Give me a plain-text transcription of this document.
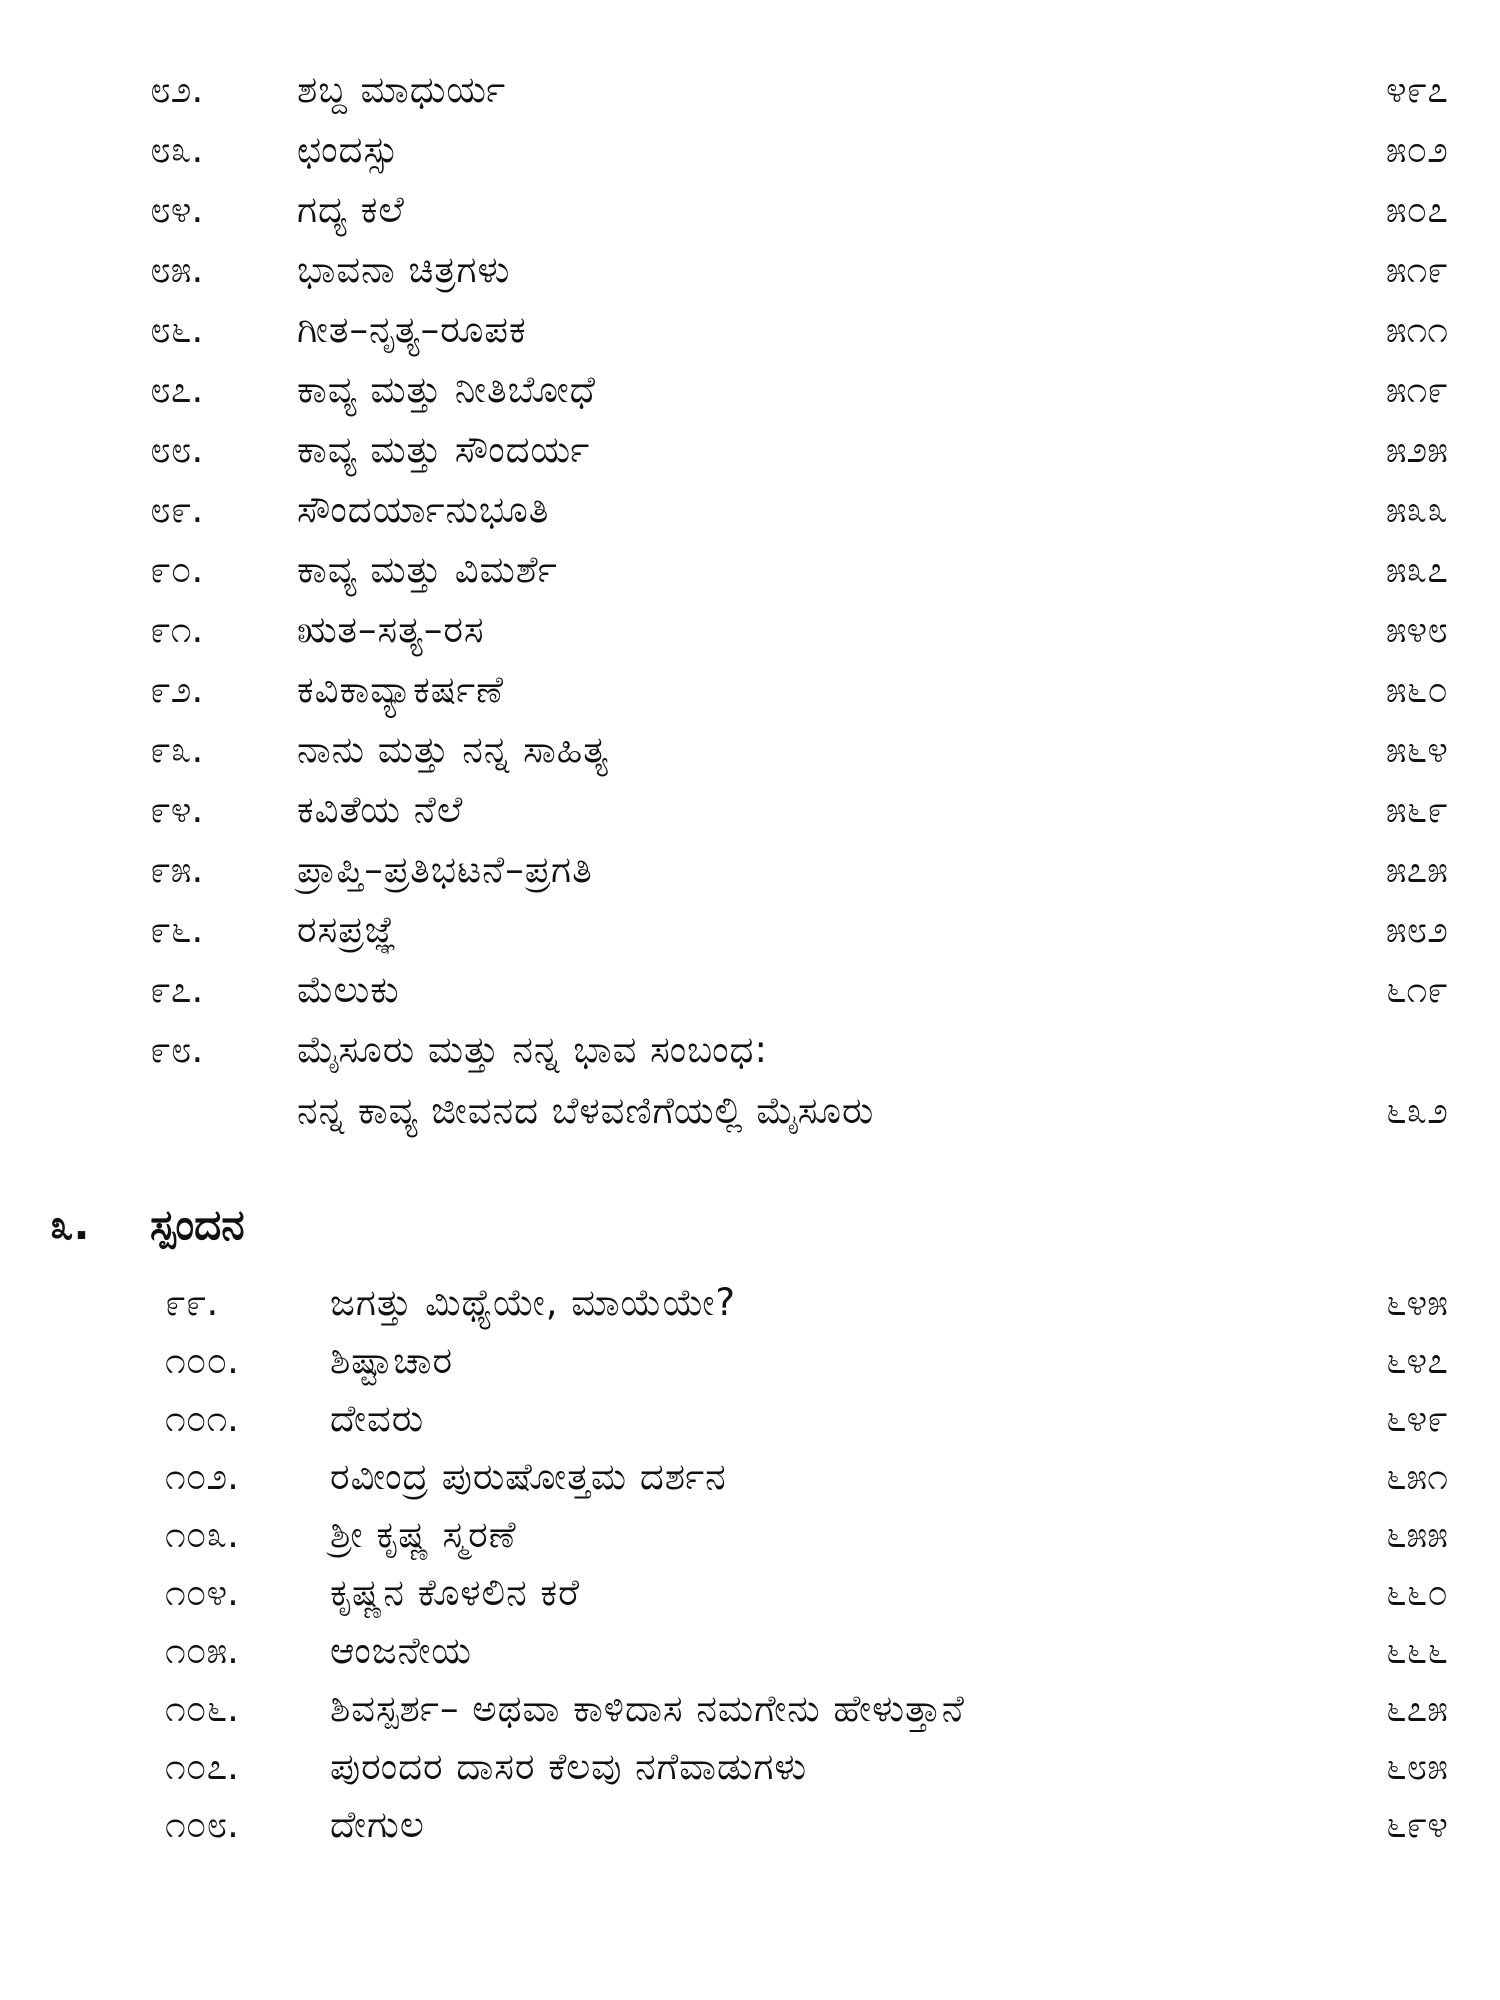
೮೨.	ಶಬ್ದ ಮಾಧುರ್ಯ	೪೯೭
೮೩.	ಛಂದಸ್ಸು	೫೦೨
೮೪.	ಗದ್ಯ ಕಲೆ	೫೦೭
೮೫.	ಭಾವನಾ ಚಿತ್ರಗಳು	೫೧೯
೮೬.	ಗೀತ–ನೃತ್ಯ–ರೂಪಕ	೫೧೧
೮೭.	ಕಾವ್ಯ ಮತ್ತು ನೀತಿಬೋಧೆ	೫೧೯
೮೮.	ಕಾವ್ಯ ಮತ್ತು ಸೌಂದರ್ಯ	೫೨೫
೮೯.	ಸೌಂದರ್ಯಾನುಭೂತಿ	೫೩೩
೯೦.	ಕಾವ್ಯ ಮತ್ತು ವಿಮರ್ಶೆ	೫೩೭
೯೧.	ಋತ–ಸತ್ಯ–ರಸ	೫೪೮
೯೨.	ಕವಿಕಾವ್ಯಾಕರ್ಷಣೆ	೫೬೦
೯೩.	ನಾನು ಮತ್ತು ನನ್ನ ಸಾಹಿತ್ಯ	೫೬೪
೯೪.	ಕವಿತೆಯ ನೆಲೆ	೫೬೯
೯೫.	ಪ್ರಾಪ್ತಿ–ಪ್ರತಿಭಟನೆ–ಪ್ರಗತಿ	೫೭೫
೯೬.	ರಸಪ್ರಜ್ಞೆ	೫೮೨
೯೭.	ಮೆಲುಕು	೬೧೯
೯೮.	ಮೈಸೂರು ಮತ್ತು ನನ್ನ ಭಾವ ಸಂಬಂಧ:
ನನ್ನ ಕಾವ್ಯ ಜೀವನದ ಬೆಳವಣಿಗೆಯಲ್ಲಿ ಮೈಸೂರು	೬೩೨
೩. ಸ್ಪಂದನ
೯೯.	ಜಗತ್ತು ಮಿಥ್ಯೆಯೇ, ಮಾಯೆಯೇ?	೬೪೫
೧೦೦. ಶಿಷ್ಟಾಚಾರ	೬೪೭
೧೦೧. ದೇವರು	೬೪೯
೧೦೨. ರವೀಂದ್ರ ಪುರುಷೋತ್ತಮ ದರ್ಶನ	೬೫೧
೧೦೩. ಶ್ರೀ ಕೃಷ್ಣ ಸ್ಮರಣೆ	೬೫೫
೧೦೪. ಕೃಷ್ಣನ ಕೊಳಲಿನ ಕರೆ	೬೬೦
೧೦೫. ಆಂಜನೇಯ	೬೬೬
೧೦೬. ಶಿವಸ್ಪರ್ಶ– ಅಥವಾ ಕಾಳಿದಾಸ ನಮಗೇನು ಹೇಳುತ್ತಾನೆ	೬೭೫
೧೦೭. ಪುರಂದರ ದಾಸರ ಕೆಲವು ನಗೆವಾಡುಗಳು	೬೮೫
೧೦೮. ದೇಗುಲ	೬೯೪
